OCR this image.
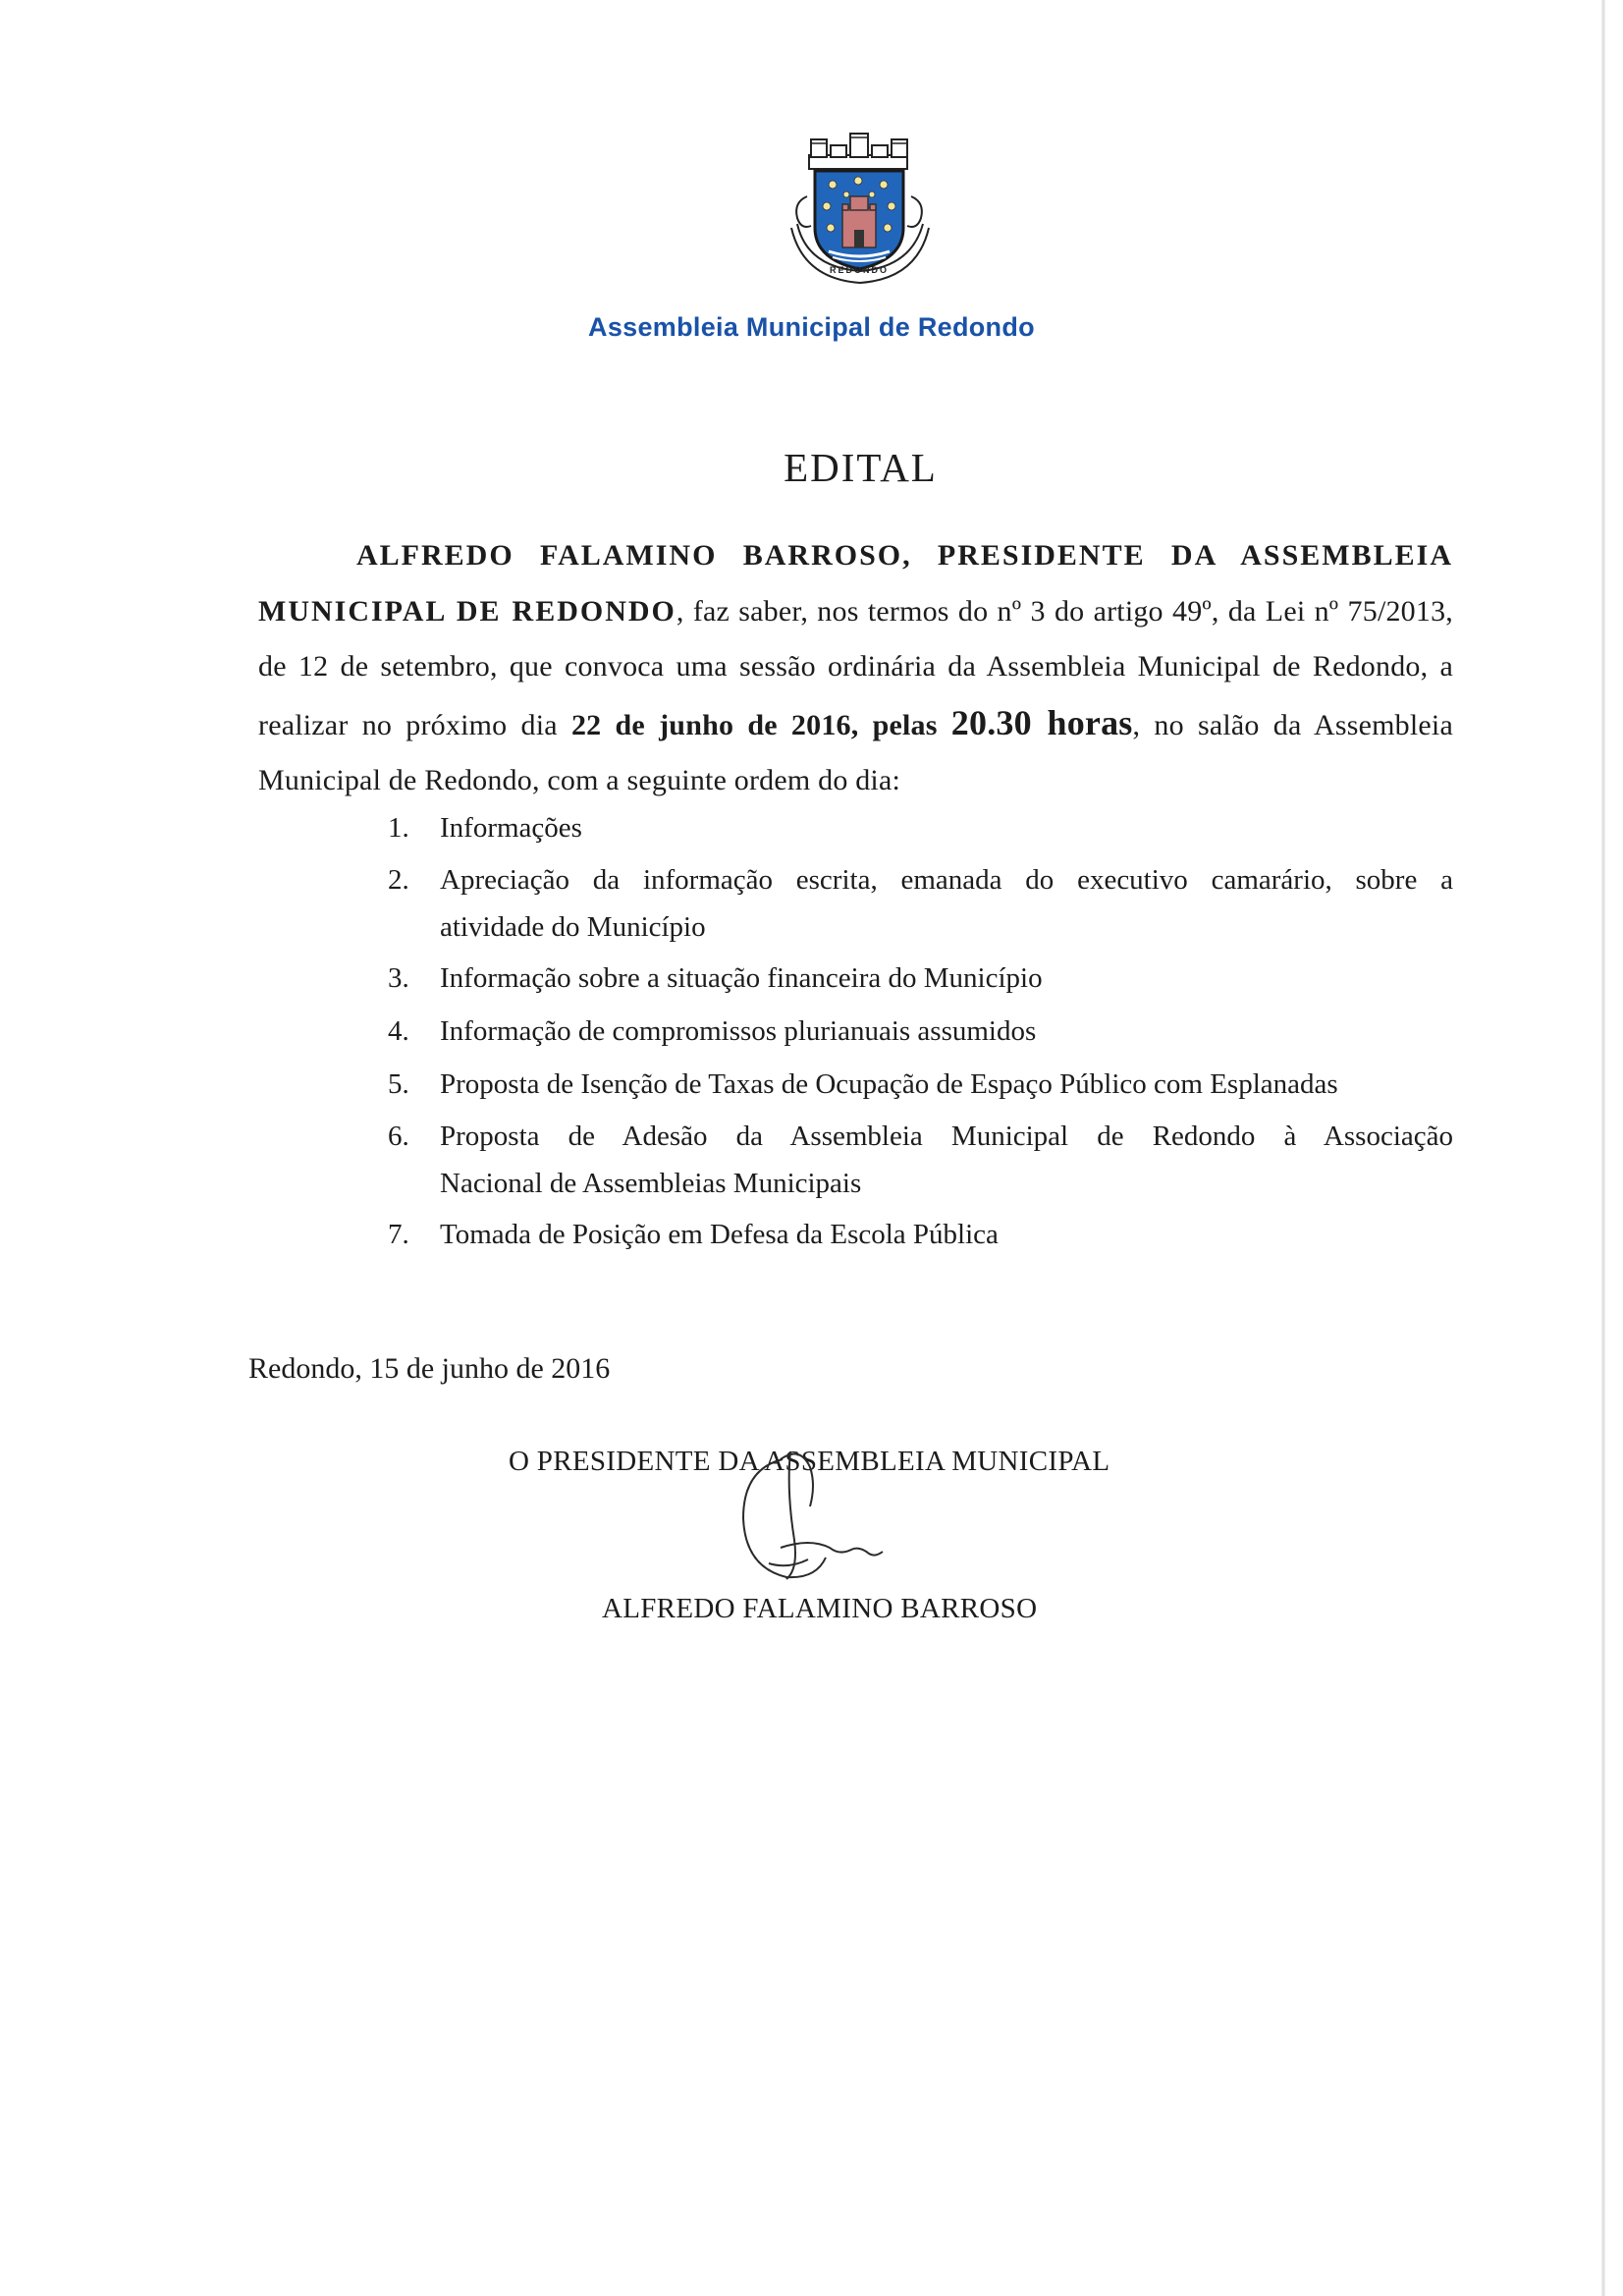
REDONDO
Assembleia Municipal de Redondo
EDITAL
ALFREDO FALAMINO BARROSO, PRESIDENTE DA ASSEMBLEIA MUNICIPAL DE REDONDO, faz saber, nos termos do nº 3 do artigo 49º, da Lei nº 75/2013, de 12 de setembro, que convoca uma sessão ordinária da Assembleia Municipal de Redondo, a realizar no próximo dia 22 de junho de 2016, pelas 20.30 horas, no salão da Assembleia Municipal de Redondo, com a seguinte ordem do dia:
1.	Informações
2.	Apreciação da informação escrita, emanada do executivo camarário, sobre a
atividade do Município
3.	Informação sobre a situação financeira do Município
4.	Informação de compromissos plurianuais assumidos
5.	Proposta de Isenção de Taxas de Ocupação de Espaço Público com Esplanadas
6.	Proposta de Adesão da Assembleia Municipal de Redondo à Associação
Nacional de Assembleias Municipais
7.	Tomada de Posição em Defesa da Escola Pública
Redondo, 15 de junho de 2016
O PRESIDENTE DA ASSEMBLEIA MUNICIPAL
ALFREDO FALAMINO BARROSO
